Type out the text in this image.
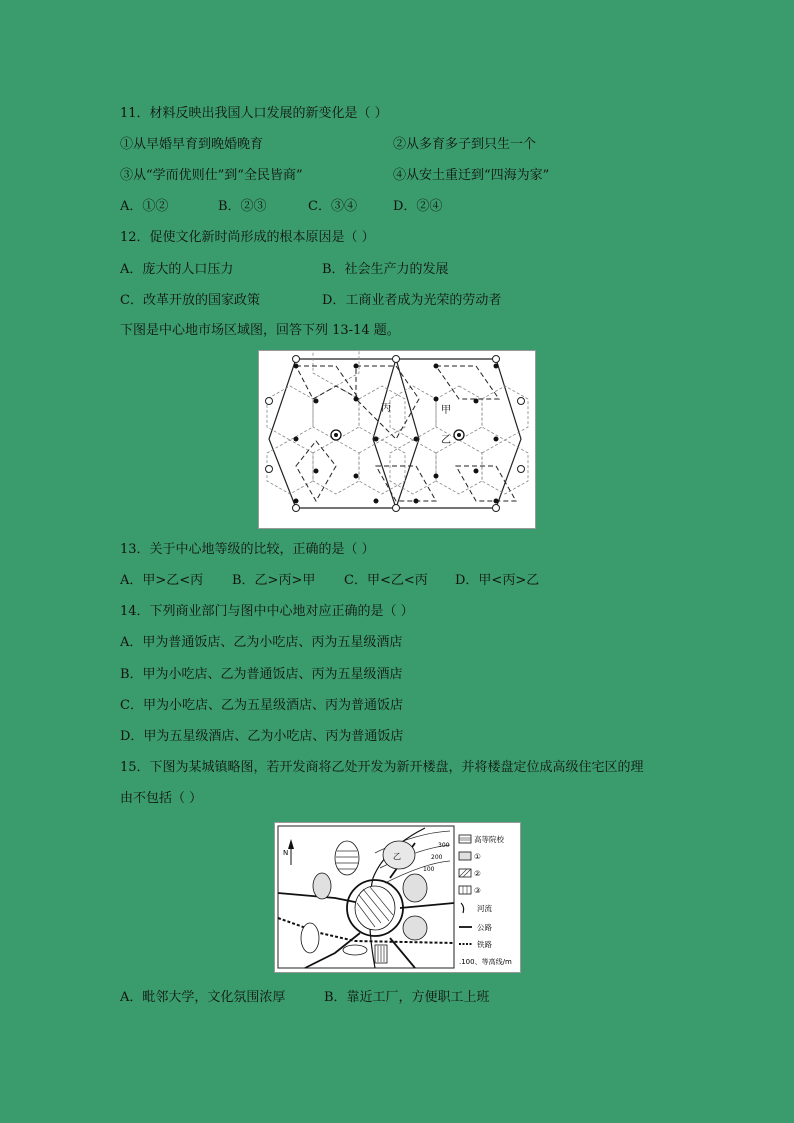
11．材料反映出我国人口发展的新变化是（ ）
①从早婚早育到晚婚晚育	②从多育多子到只生一个
③从“学而优则仕”到“全民皆商”	④从安土重迁到“四海为家”
A．①②	B．②③	C．③④	D．②④
12．促使文化新时尚形成的根本原因是（ ）
A．庞大的人口压力	B．社会生产力的发展
C．改革开放的国家政策	D．工商业者成为光荣的劳动者
下图是中心地市场区域图，回答下列 13-14 题。
丙	甲
乙
13．关于中心地等级的比较，正确的是（ ）
A．甲>乙<丙 B．乙>丙>甲 C．甲<乙<丙 D．甲<丙>乙
14．下列商业部门与图中中心地对应正确的是（ ）
A．甲为普通饭店、乙为小吃店、丙为五星级酒店
B．甲为小吃店、乙为普通饭店、丙为五星级酒店
C．甲为小吃店、乙为五星级酒店、丙为普通饭店
D．甲为五星级酒店、乙为小吃店、丙为普通饭店
15．下图为某城镇略图，若开发商将乙处开发为新开楼盘，并将楼盘定位成高级住宅区的理
由不包括（ ）
N
300
200
100
乙
高等院校
①
②
③
河流
公路
铁路
.100、等高线/m
A．毗邻大学，文化氛围浓厚	B．靠近工厂，方便职工上班
